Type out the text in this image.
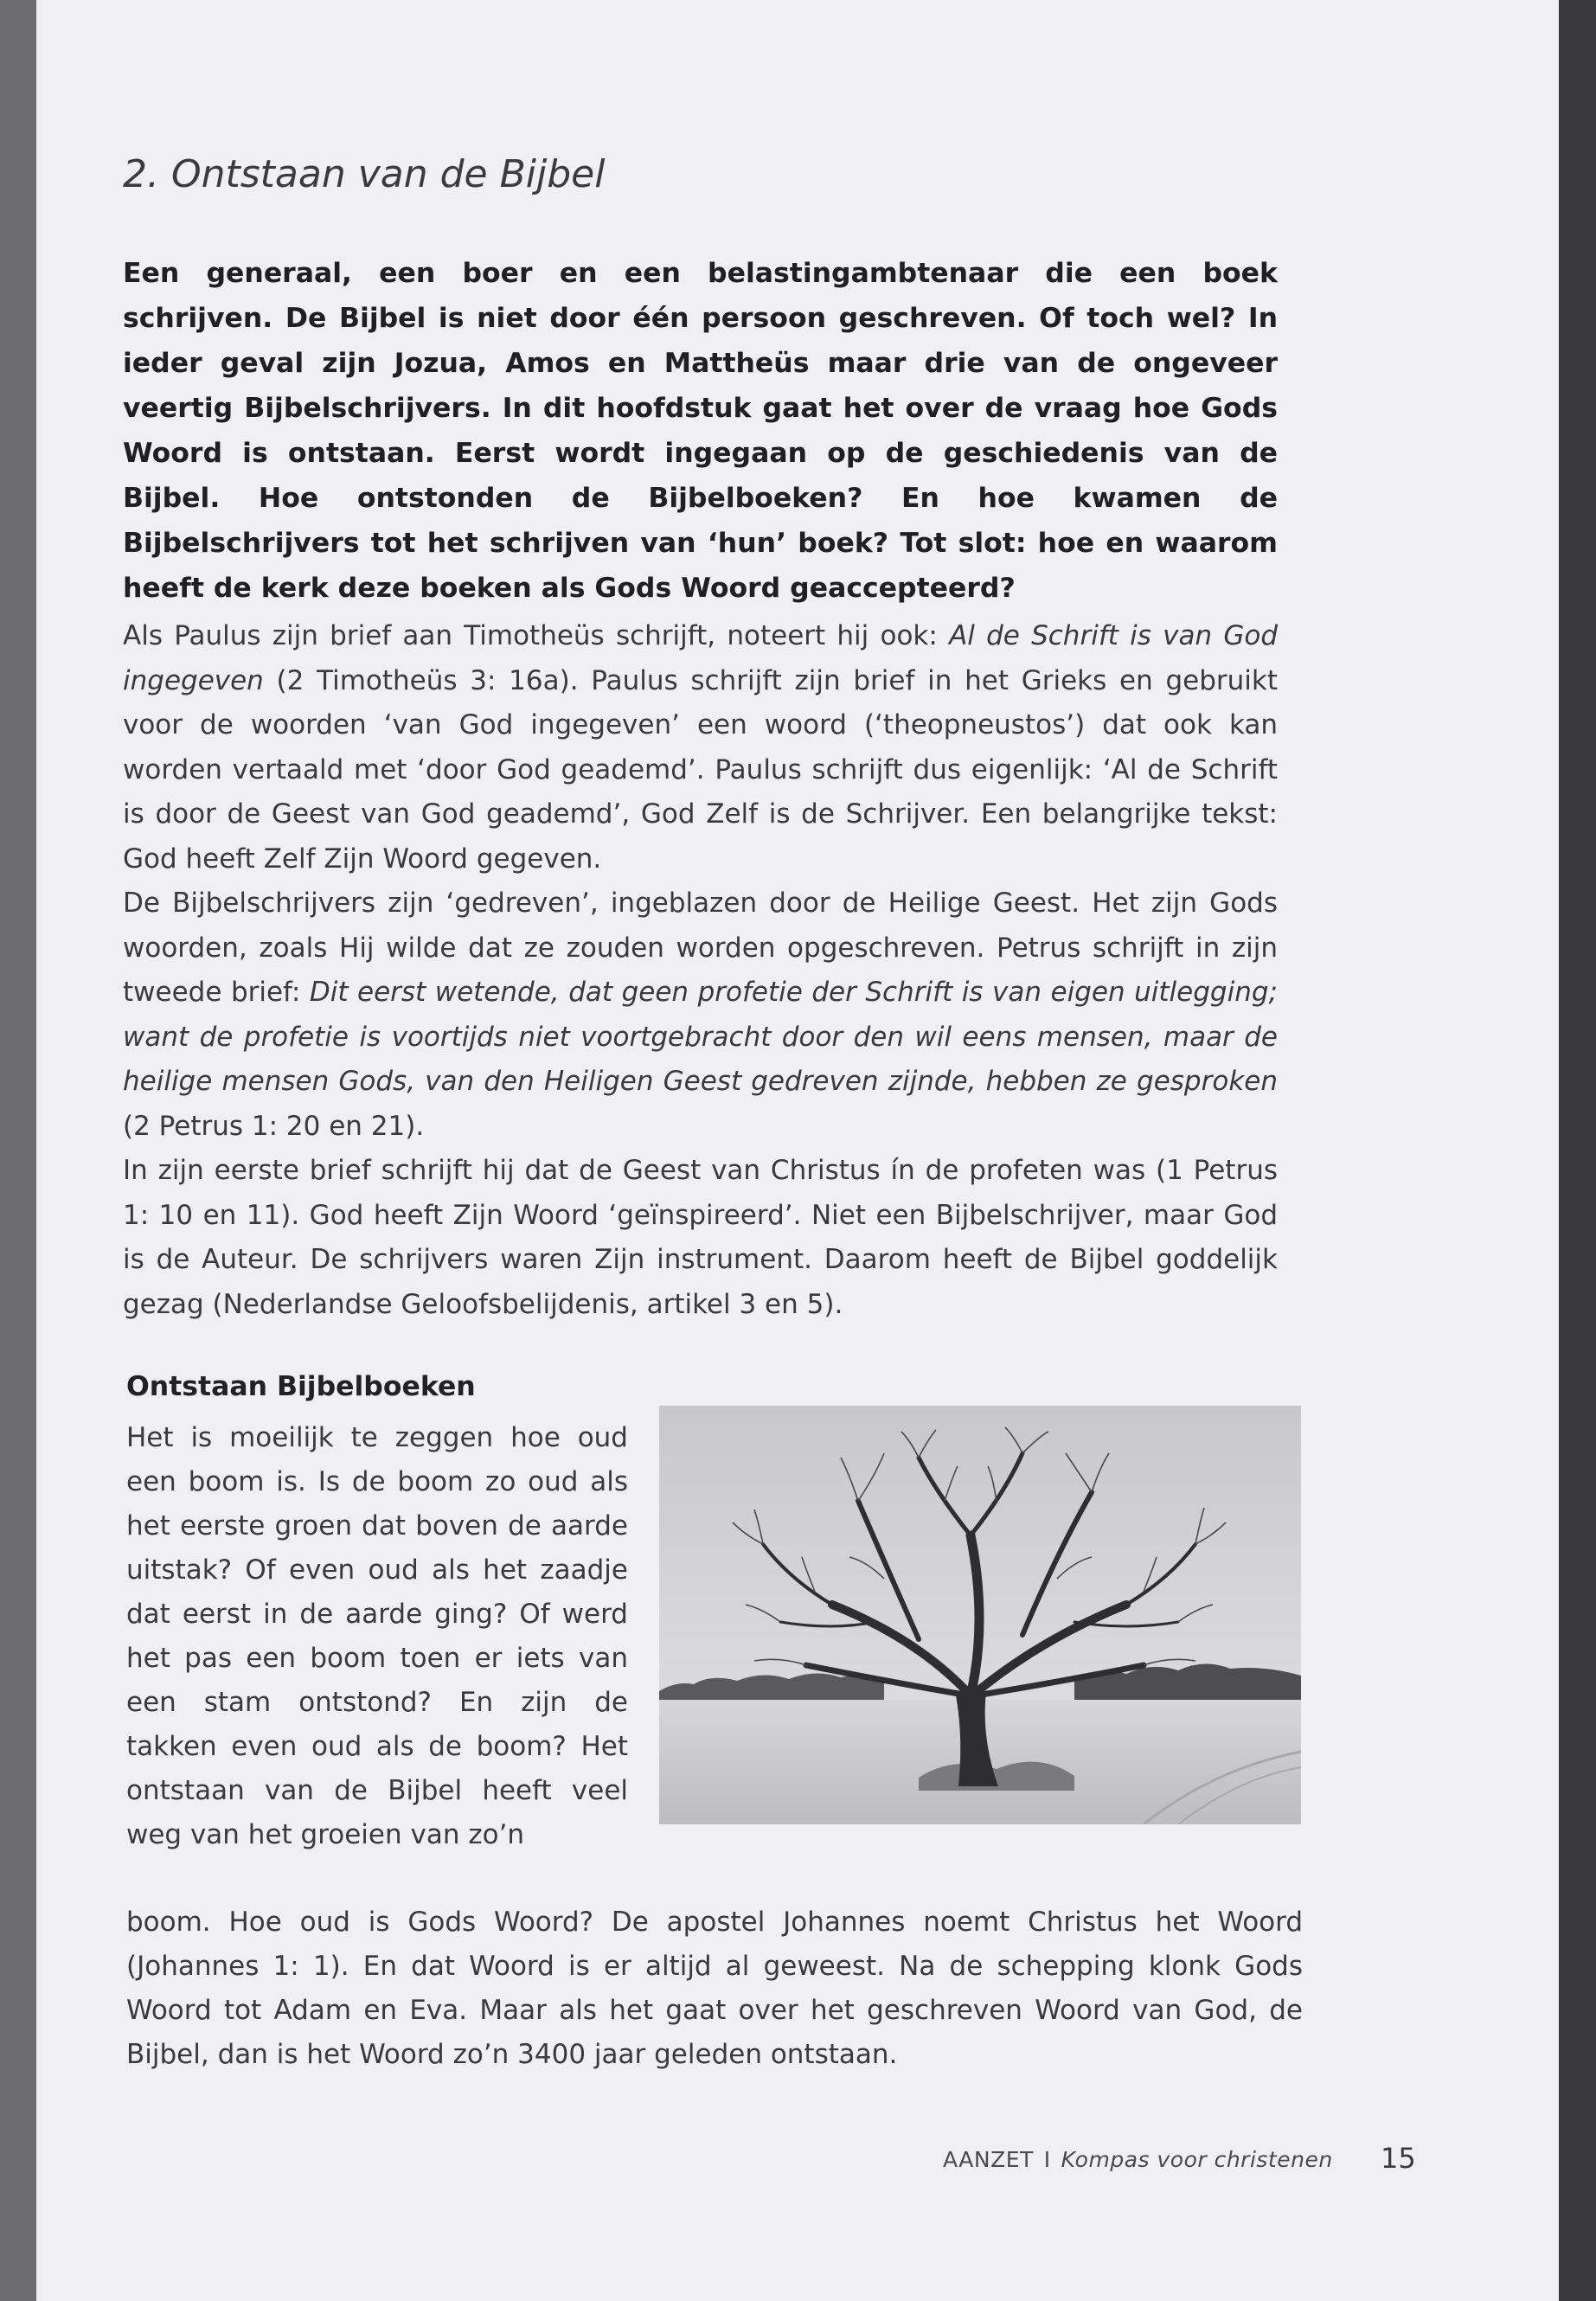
2. Ontstaan van de Bijbel

Een generaal, een boer en een belastingambtenaar die een boek schrijven. De Bijbel is niet door één persoon geschreven. Of toch wel? In ieder geval zijn Jozua, Amos en Mattheüs maar drie van de ongeveer veertig Bijbelschrijvers. In dit hoofdstuk gaat het over de vraag hoe Gods Woord is ontstaan. Eerst wordt ingegaan op de geschiedenis van de Bijbel. Hoe ontstonden de Bijbelboeken? En hoe kwamen de Bijbelschrijvers tot het schrijven van ‘hun’ boek? Tot slot: hoe en waarom heeft de kerk deze boeken als Gods Woord geaccepteerd?

Als Paulus zijn brief aan Timotheüs schrijft, noteert hij ook: Al de Schrift is van God ingegeven (2 Timotheüs 3: 16a). Paulus schrijft zijn brief in het Grieks en gebruikt voor de woorden ‘van God ingegeven’ een woord (‘theopneustos’) dat ook kan worden vertaald met ‘door God geademd’. Paulus schrijft dus eigenlijk: ‘Al de Schrift is door de Geest van God geademd’, God Zelf is de Schrijver. Een belangrijke tekst: God heeft Zelf Zijn Woord gegeven.

De Bijbelschrijvers zijn ‘gedreven’, ingeblazen door de Heilige Geest. Het zijn Gods woorden, zoals Hij wilde dat ze zouden worden opgeschreven. Petrus schrijft in zijn tweede brief: Dit eerst wetende, dat geen profetie der Schrift is van eigen uitlegging; want de profetie is voortijds niet voortgebracht door den wil eens mensen, maar de heilige mensen Gods, van den Heiligen Geest gedreven zijnde, hebben ze gesproken (2 Petrus 1: 20 en 21).

In zijn eerste brief schrijft hij dat de Geest van Christus ín de profeten was (1 Petrus 1: 10 en 11). God heeft Zijn Woord ‘geïnspireerd’. Niet een Bijbelschrijver, maar God is de Auteur. De schrijvers waren Zijn instrument. Daarom heeft de Bijbel goddelijk gezag (Nederlandse Geloofsbelijdenis, artikel 3 en 5).

Ontstaan Bijbelboeken

Het is moeilijk te zeggen hoe oud een boom is. Is de boom zo oud als het eerste groen dat boven de aarde uitstak? Of even oud als het zaadje dat eerst in de aarde ging? Of werd het pas een boom toen er iets van een stam ontstond? En zijn de takken even oud als de boom? Het ontstaan van de Bijbel heeft veel weg van het groeien van zo’n

boom. Hoe oud is Gods Woord? De apostel Johannes noemt Christus het Woord (Johannes 1: 1). En dat Woord is er altijd al geweest. Na de schepping klonk Gods Woord tot Adam en Eva. Maar als het gaat over het geschreven Woord van God, de Bijbel, dan is het Woord zo’n 3400 jaar geleden ontstaan.

AANZET I Kompas voor christenen 15
